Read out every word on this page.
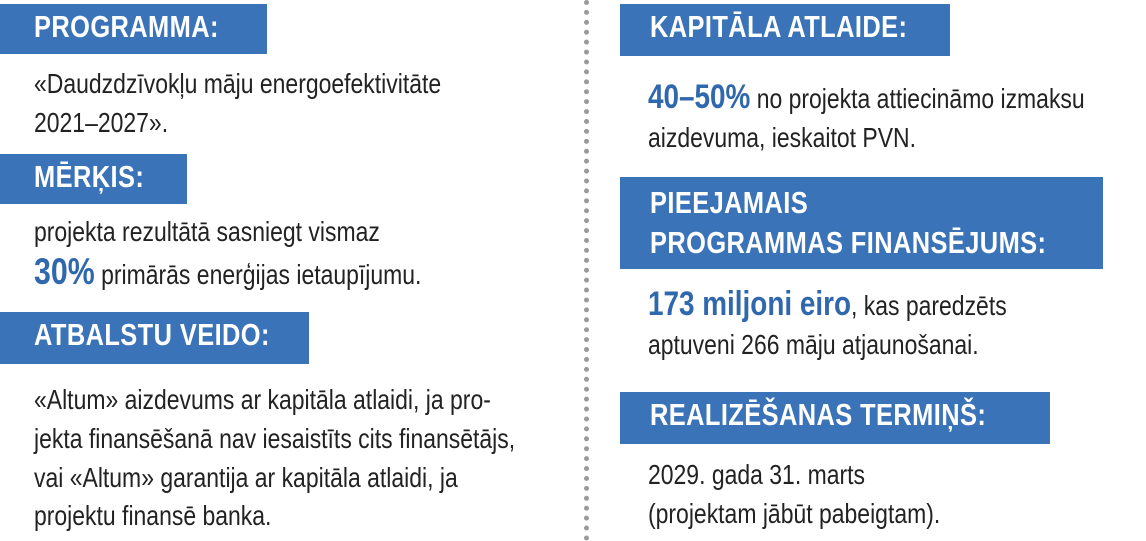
PROGRAMMA:
«Daudzdzīvokļu māju energoefektivitāte
2021–2027».
MĒRĶIS:
projekta rezultātā sasniegt vismaz
30% primārās enerģijas ietaupījumu.
ATBALSTU VEIDO:
«Altum» aizdevums ar kapitāla atlaidi, ja pro-
jekta finansēšanā nav iesaistīts cits finansētājs,
vai «Altum» garantija ar kapitāla atlaidi, ja
projektu finansē banka.
KAPITĀLA ATLAIDE:
40–50% no projekta attiecināmo izmaksu
aizdevuma, ieskaitot PVN.
PIEEJAMAIS
PROGRAMMAS FINANSĒJUMS:
173 miljoni eiro, kas paredzēts
aptuveni 266 māju atjaunošanai.
REALIZĒŠANAS TERMIŅŠ:
2029. gada 31. marts
(projektam jābūt pabeigtam).
